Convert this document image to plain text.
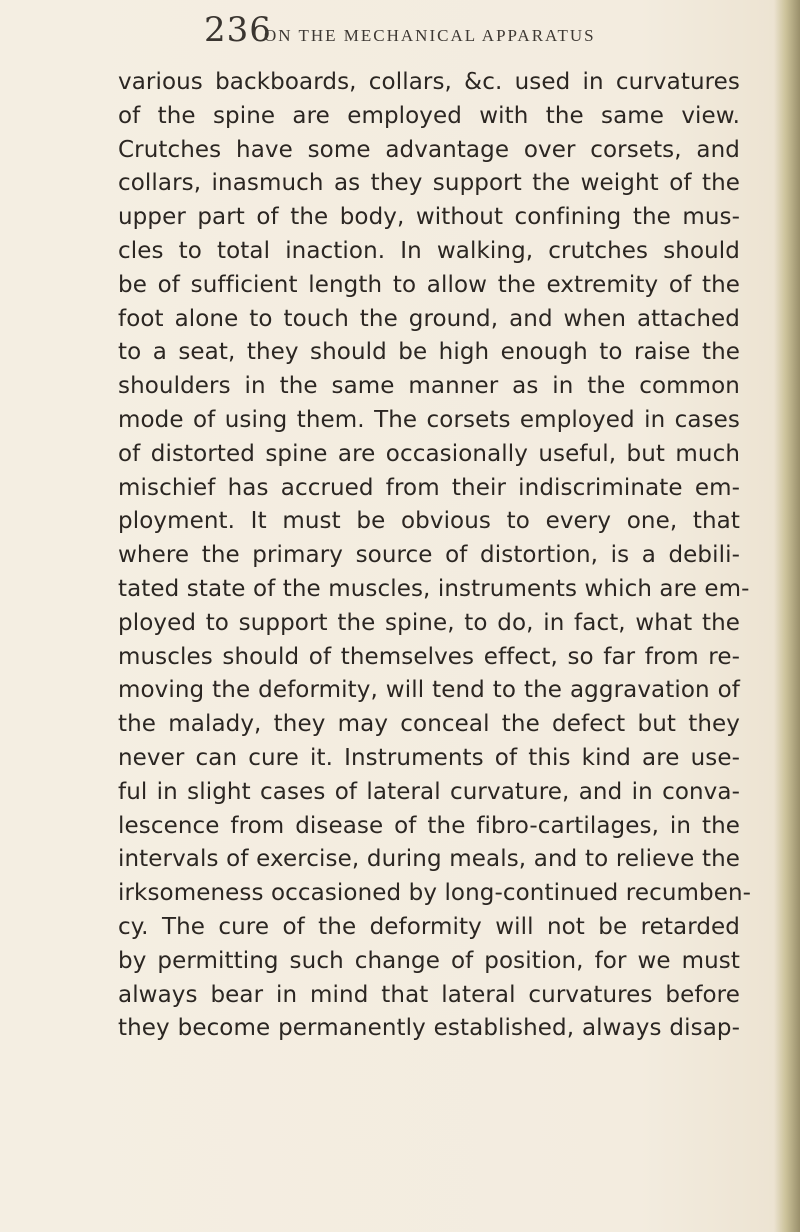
236
ON THE MECHANICAL APPARATUS
various backboards, collars, &c. used in curvatures
of the spine are employed with the same view.
Crutches have some advantage over corsets, and
collars, inasmuch as they support the weight of the
upper part of the body, without confining the mus-
cles to total inaction. In walking, crutches should
be of sufficient length to allow the extremity of the
foot alone to touch the ground, and when attached
to a seat, they should be high enough to raise the
shoulders in the same manner as in the common
mode of using them. The corsets employed in cases
of distorted spine are occasionally useful, but much
mischief has accrued from their indiscriminate em-
ployment. It must be obvious to every one, that
where the primary source of distortion, is a debili-
tated state of the muscles, instruments which are em-
ployed to support the spine, to do, in fact, what the
muscles should of themselves effect, so far from re-
moving the deformity, will tend to the aggravation of
the malady, they may conceal the defect but they
never can cure it. Instruments of this kind are use-
ful in slight cases of lateral curvature, and in conva-
lescence from disease of the fibro-cartilages, in the
intervals of exercise, during meals, and to relieve the
irksomeness occasioned by long-continued recumben-
cy. The cure of the deformity will not be retarded
by permitting such change of position, for we must
always bear in mind that lateral curvatures before
they become permanently established, always disap-
